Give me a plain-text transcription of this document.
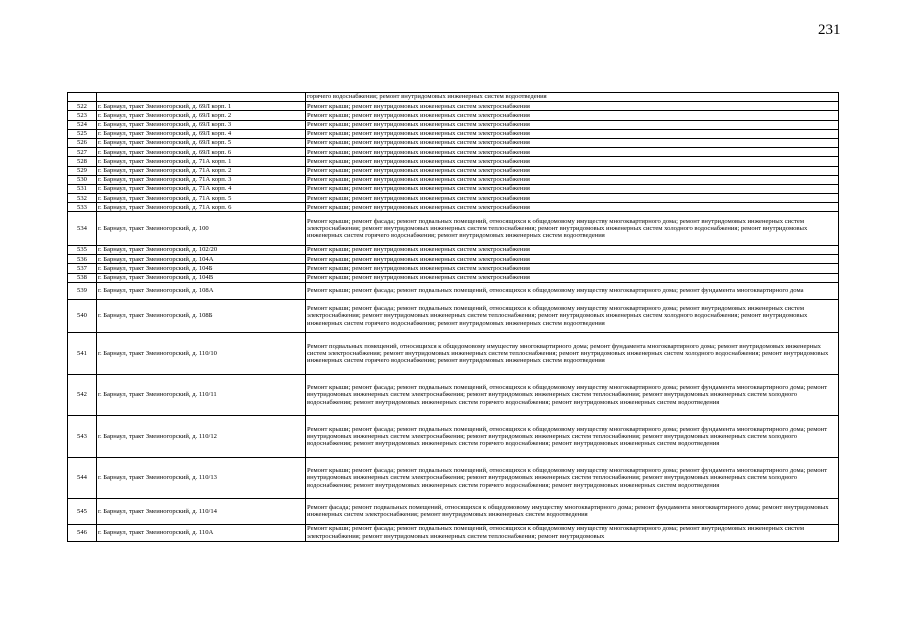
231
		горячего водоснабжения; ремонт внутридомовых инженерных систем водоотведения
522	г. Барнаул, тракт Змеиногорский, д. 69Л корп. 1	Ремонт крыши; ремонт внутридомовых инженерных систем электроснабжения
523	г. Барнаул, тракт Змеиногорский, д. 69Л корп. 2	Ремонт крыши; ремонт внутридомовых инженерных систем электроснабжения
524	г. Барнаул, тракт Змеиногорский, д. 69Л корп. 3	Ремонт крыши; ремонт внутридомовых инженерных систем электроснабжения
525	г. Барнаул, тракт Змеиногорский, д. 69Л корп. 4	Ремонт крыши; ремонт внутридомовых инженерных систем электроснабжения
526	г. Барнаул, тракт Змеиногорский, д. 69Л корп. 5	Ремонт крыши; ремонт внутридомовых инженерных систем электроснабжения
527	г. Барнаул, тракт Змеиногорский, д. 69Л корп. 6	Ремонт крыши; ремонт внутридомовых инженерных систем электроснабжения
528	г. Барнаул, тракт Змеиногорский, д. 71А корп. 1	Ремонт крыши; ремонт внутридомовых инженерных систем электроснабжения
529	г. Барнаул, тракт Змеиногорский, д. 71А корп. 2	Ремонт крыши; ремонт внутридомовых инженерных систем электроснабжения
530	г. Барнаул, тракт Змеиногорский, д. 71А корп. 3	Ремонт крыши; ремонт внутридомовых инженерных систем электроснабжения
531	г. Барнаул, тракт Змеиногорский, д. 71А корп. 4	Ремонт крыши; ремонт внутридомовых инженерных систем электроснабжения
532	г. Барнаул, тракт Змеиногорский, д. 71А корп. 5	Ремонт крыши; ремонт внутридомовых инженерных систем электроснабжения
533	г. Барнаул, тракт Змеиногорский, д. 71А корп. 6	Ремонт крыши; ремонт внутридомовых инженерных систем электроснабжения
534	г. Барнаул, тракт Змеиногорский, д. 100	Ремонт крыши; ремонт фасада; ремонт подвальных помещений, относящихся к общедомовому имуществу многоквартирного дома; ремонт внутридомовых инженерных систем электроснабжения; ремонт внутридомовых инженерных систем теплоснабжения; ремонт внутридомовых инженерных систем холодного водоснабжения; ремонт внутридомовых инженерных систем горячего водоснабжения; ремонт внутридомовых инженерных систем водоотведения
535	г. Барнаул, тракт Змеиногорский, д. 102/20	Ремонт крыши; ремонт внутридомовых инженерных систем электроснабжения
536	г. Барнаул, тракт Змеиногорский, д. 104А	Ремонт крыши; ремонт внутридомовых инженерных систем электроснабжения
537	г. Барнаул, тракт Змеиногорский, д. 104Б	Ремонт крыши; ремонт внутридомовых инженерных систем электроснабжения
538	г. Барнаул, тракт Змеиногорский, д. 104В	Ремонт крыши; ремонт внутридомовых инженерных систем электроснабжения
539	г. Барнаул, тракт Змеиногорский, д. 108А	Ремонт крыши; ремонт фасада; ремонт подвальных помещений, относящихся к общедомовому имуществу многоквартирного дома; ремонт фундамента многоквартирного дома
540	г. Барнаул, тракт Змеиногорский, д. 108Б	Ремонт крыши; ремонт фасада; ремонт подвальных помещений, относящихся к общедомовому имуществу многоквартирного дома; ремонт внутридомовых инженерных систем электроснабжения; ремонт внутридомовых инженерных систем теплоснабжения; ремонт внутридомовых инженерных систем холодного водоснабжения; ремонт внутридомовых инженерных систем горячего водоснабжения; ремонт внутридомовых инженерных систем водоотведения
541	г. Барнаул, тракт Змеиногорский, д. 110/10	Ремонт подвальных помещений, относящихся к общедомовому имуществу многоквартирного дома; ремонт фундамента многоквартирного дома; ремонт внутридомовых инженерных систем электроснабжения; ремонт внутридомовых инженерных систем теплоснабжения; ремонт внутридомовых инженерных систем холодного водоснабжения; ремонт внутридомовых инженерных систем горячего водоснабжения; ремонт внутридомовых инженерных систем водоотведения
542	г. Барнаул, тракт Змеиногорский, д. 110/11	Ремонт крыши; ремонт фасада; ремонт подвальных помещений, относящихся к общедомовому имуществу многоквартирного дома; ремонт фундамента многоквартирного дома; ремонт внутридомовых инженерных систем электроснабжения; ремонт внутридомовых инженерных систем теплоснабжения; ремонт внутридомовых инженерных систем холодного водоснабжения; ремонт внутридомовых инженерных систем горячего водоснабжения; ремонт внутридомовых инженерных систем водоотведения
543	г. Барнаул, тракт Змеиногорский, д. 110/12	Ремонт крыши; ремонт фасада; ремонт подвальных помещений, относящихся к общедомовому имуществу многоквартирного дома; ремонт фундамента многоквартирного дома; ремонт внутридомовых инженерных систем электроснабжения; ремонт внутридомовых инженерных систем теплоснабжения; ремонт внутридомовых инженерных систем холодного водоснабжения; ремонт внутридомовых инженерных систем горячего водоснабжения; ремонт внутридомовых инженерных систем водоотведения
544	г. Барнаул, тракт Змеиногорский, д. 110/13	Ремонт крыши; ремонт фасада; ремонт подвальных помещений, относящихся к общедомовому имуществу многоквартирного дома; ремонт фундамента многоквартирного дома; ремонт внутридомовых инженерных систем электроснабжения; ремонт внутридомовых инженерных систем теплоснабжения; ремонт внутридомовых инженерных систем холодного водоснабжения; ремонт внутридомовых инженерных систем горячего водоснабжения; ремонт внутридомовых инженерных систем водоотведения
545	г. Барнаул, тракт Змеиногорский, д. 110/14	Ремонт фасада; ремонт подвальных помещений, относящихся к общедомовому имуществу многоквартирного дома; ремонт фундамента многоквартирного дома; ремонт внутридомовых инженерных систем электроснабжения; ремонт внутридомовых инженерных систем водоотведения
546	г. Барнаул, тракт Змеиногорский, д. 110А	Ремонт крыши; ремонт фасада; ремонт подвальных помещений, относящихся к общедомовому имуществу многоквартирного дома; ремонт внутридомовых инженерных систем электроснабжения; ремонт внутридомовых инженерных систем теплоснабжения; ремонт внутридомовых
